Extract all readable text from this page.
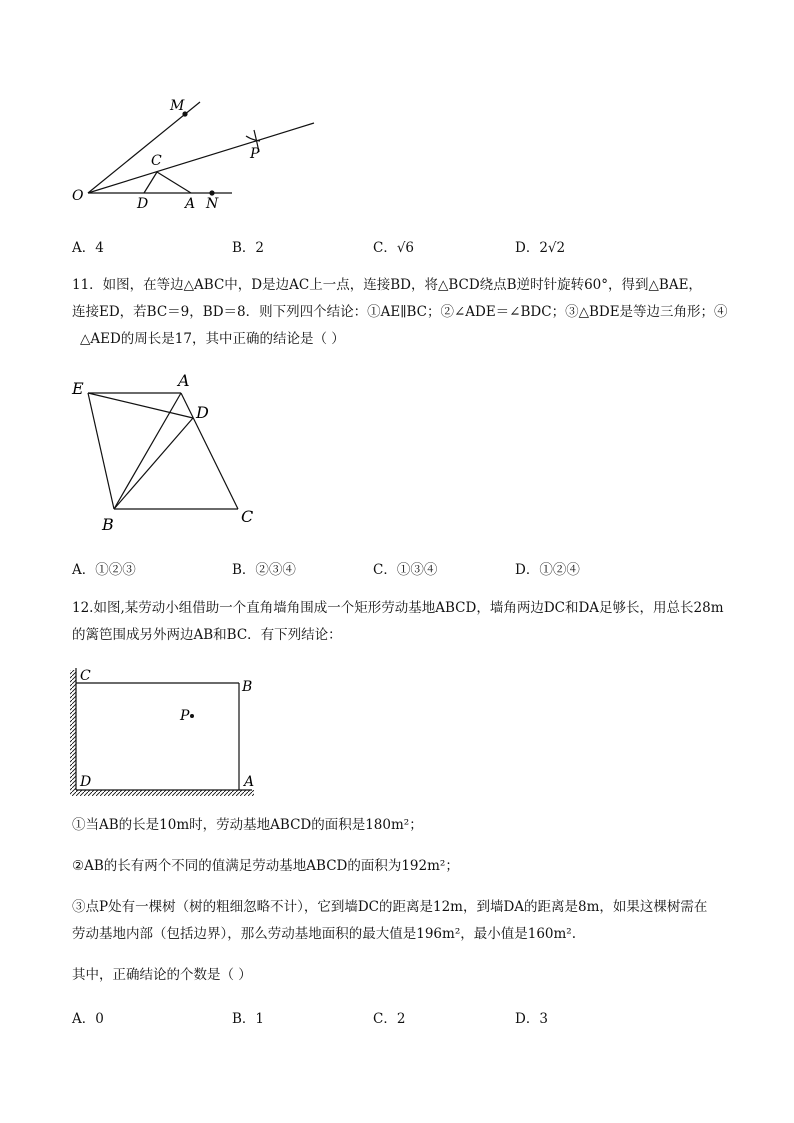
M
P
C
O	D	A N
A．4	B．2	C．√6	D．2√2
11．如图，在等边△ABC中，D是边AC上一点，连接BD，将△BCD绕点B逆时针旋转60°，得到△BAE，
连接ED，若BC＝9，BD＝8．则下列四个结论：①AE∥BC；②∠ADE＝∠BDC；③△BDE是等边三角形；④
△AED的周长是17，其中正确的结论是（ ）
E	A
D
B	C
A．①②③	B．②③④	C．①③④	D．①②④
12.如图,某劳动小组借助一个直角墙角围成一个矩形劳动基地ABCD，墙角两边DC和DA足够长，用总长28m
的篱笆围成另外两边AB和BC．有下列结论：
C
B
P
D	A
①当AB的长是10m时，劳动基地ABCD的面积是180m²；
②AB的长有两个不同的值满足劳动基地ABCD的面积为192m²；
③点P处有一棵树（树的粗细忽略不计），它到墙DC的距离是12m，到墙DA的距离是8m，如果这棵树需在
劳动基地内部（包括边界），那么劳动基地面积的最大值是196m²，最小值是160m².
其中，正确结论的个数是（ ）
A．0	B．1	C．2	D．3
